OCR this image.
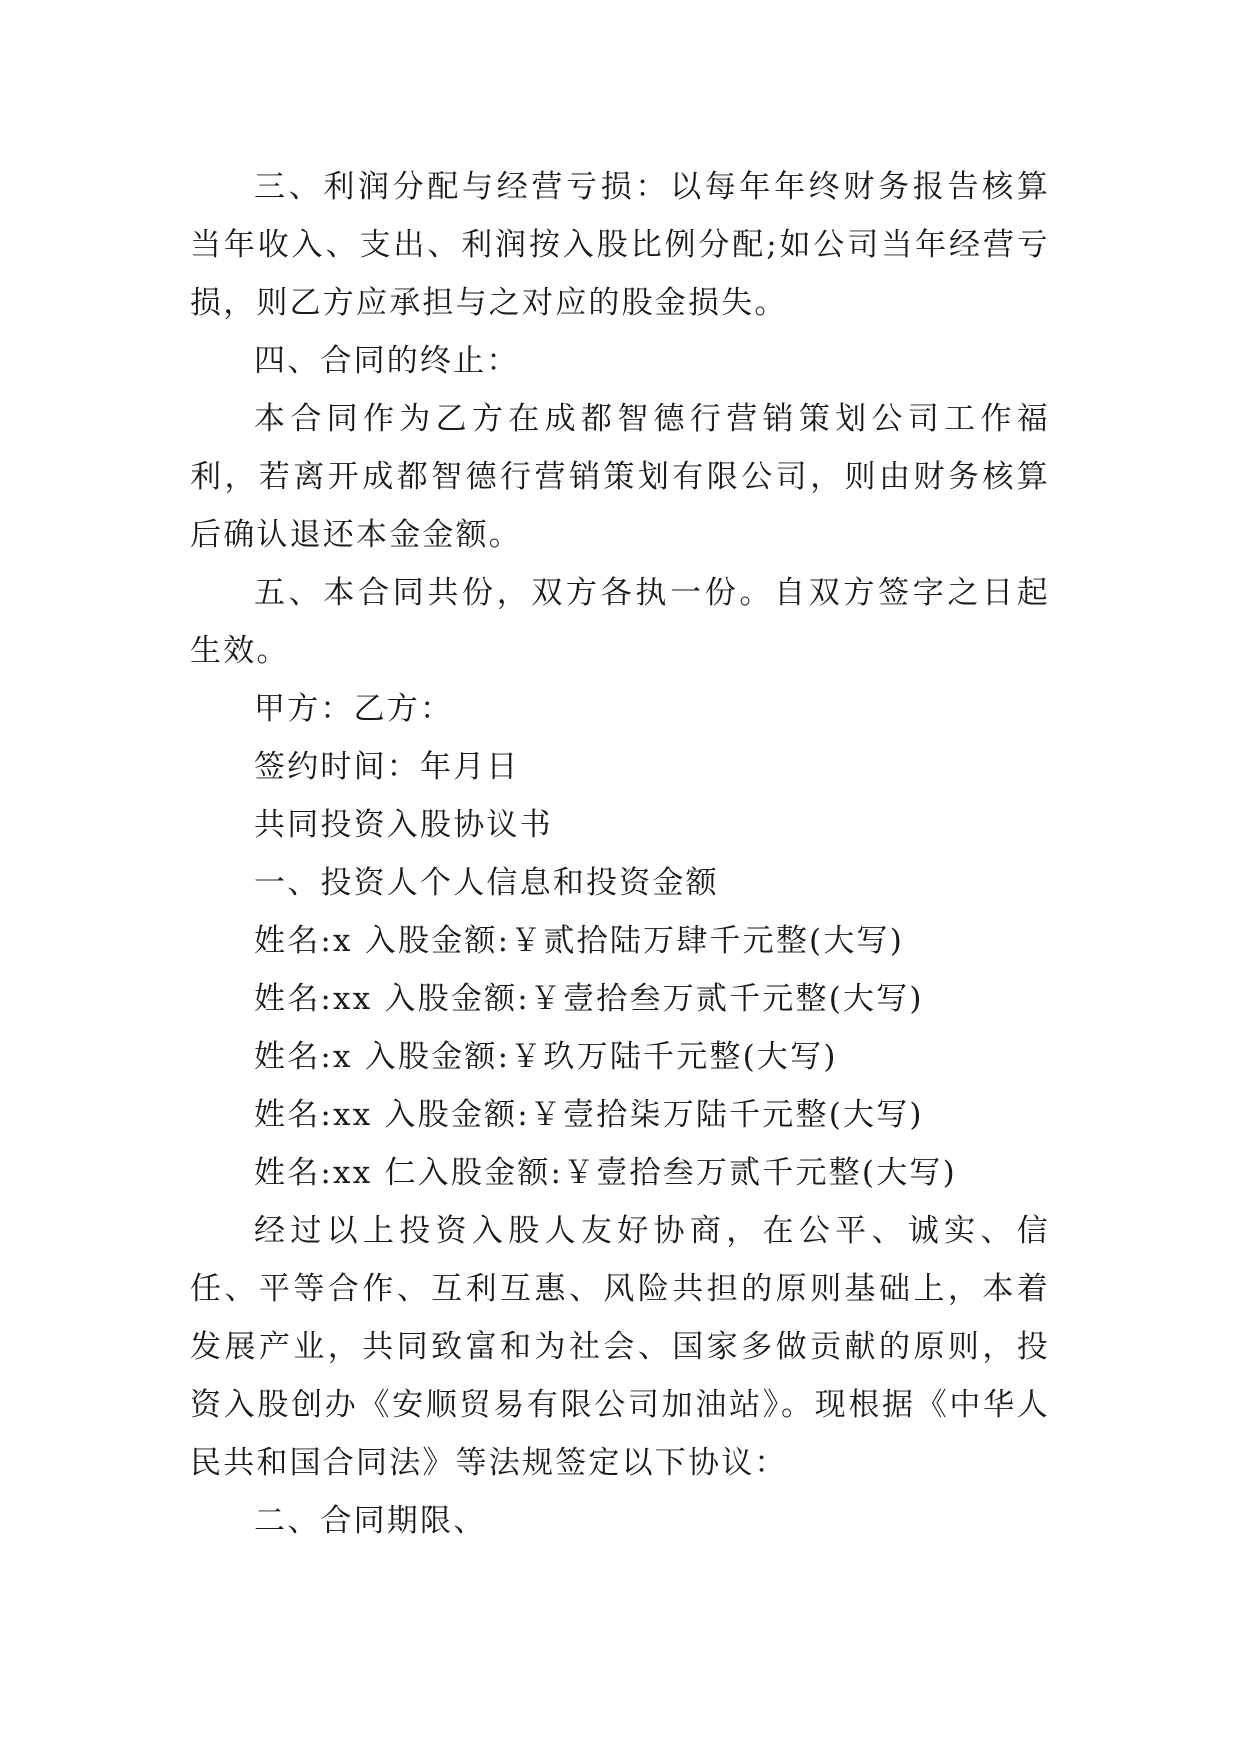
三、利润分配与经营亏损：以每年年终财务报告核算当年收入、支出、利润按入股比例分配;如公司当年经营亏损，则乙方应承担与之对应的股金损失。

四、合同的终止：

本合同作为乙方在成都智德行营销策划公司工作福利，若离开成都智德行营销策划有限公司，则由财务核算后确认退还本金金额。

五、本合同共份，双方各执一份。自双方签字之日起生效。

甲方：乙方：

签约时间：年月日

共同投资入股协议书

一、投资人个人信息和投资金额

姓名:x 入股金额:￥贰拾陆万肆千元整(大写)

姓名:xx 入股金额:￥壹拾叁万贰千元整(大写)

姓名:x 入股金额:￥玖万陆千元整(大写)

姓名:xx 入股金额:￥壹拾柒万陆千元整(大写)

姓名:xx 仁入股金额:￥壹拾叁万贰千元整(大写)

经过以上投资入股人友好协商，在公平、诚实、信任、平等合作、互利互惠、风险共担的原则基础上，本着发展产业，共同致富和为社会、国家多做贡献的原则，投资入股创办《安顺贸易有限公司加油站》。现根据《中华人民共和国合同法》等法规签定以下协议：

二、合同期限、
